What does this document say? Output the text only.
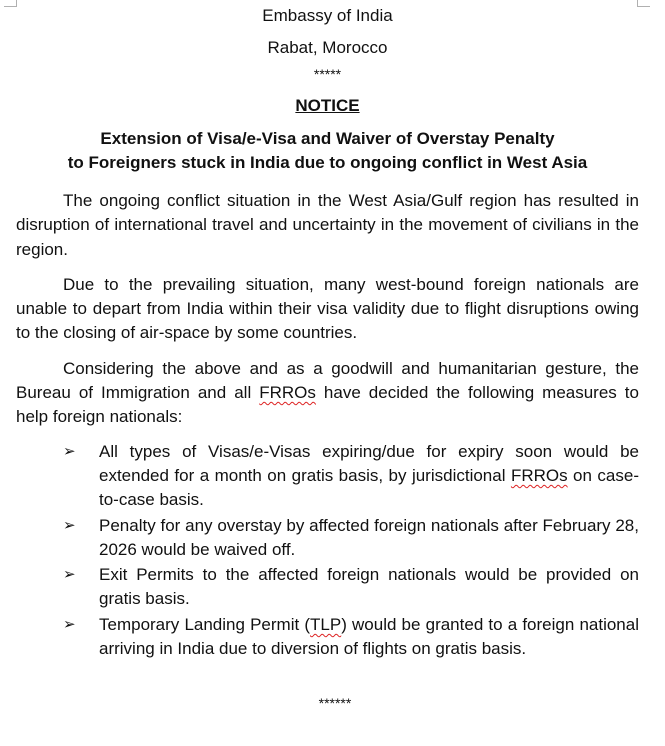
Embassy of India
Rabat, Morocco
*****
NOTICE
Extension of Visa/e-Visa and Waiver of Overstay Penalty
to Foreigners stuck in India due to ongoing conflict in West Asia

The ongoing conflict situation in the West Asia/Gulf region has resulted in disruption of international travel and uncertainty in the movement of civilians in the region.

Due to the prevailing situation, many west-bound foreign nationals are unable to depart from India within their visa validity due to flight disruptions owing to the closing of air-space by some countries.

Considering the above and as a goodwill and humanitarian gesture, the Bureau of Immigration and all FRROs have decided the following measures to help foreign nationals:

➢ All types of Visas/e-Visas expiring/due for expiry soon would be extended for a month on gratis basis, by jurisdictional FRROs on case-to-case basis.
➢ Penalty for any overstay by affected foreign nationals after February 28, 2026 would be waived off.
➢ Exit Permits to the affected foreign nationals would be provided on gratis basis.
➢ Temporary Landing Permit (TLP) would be granted to a foreign national arriving in India due to diversion of flights on gratis basis.
******
